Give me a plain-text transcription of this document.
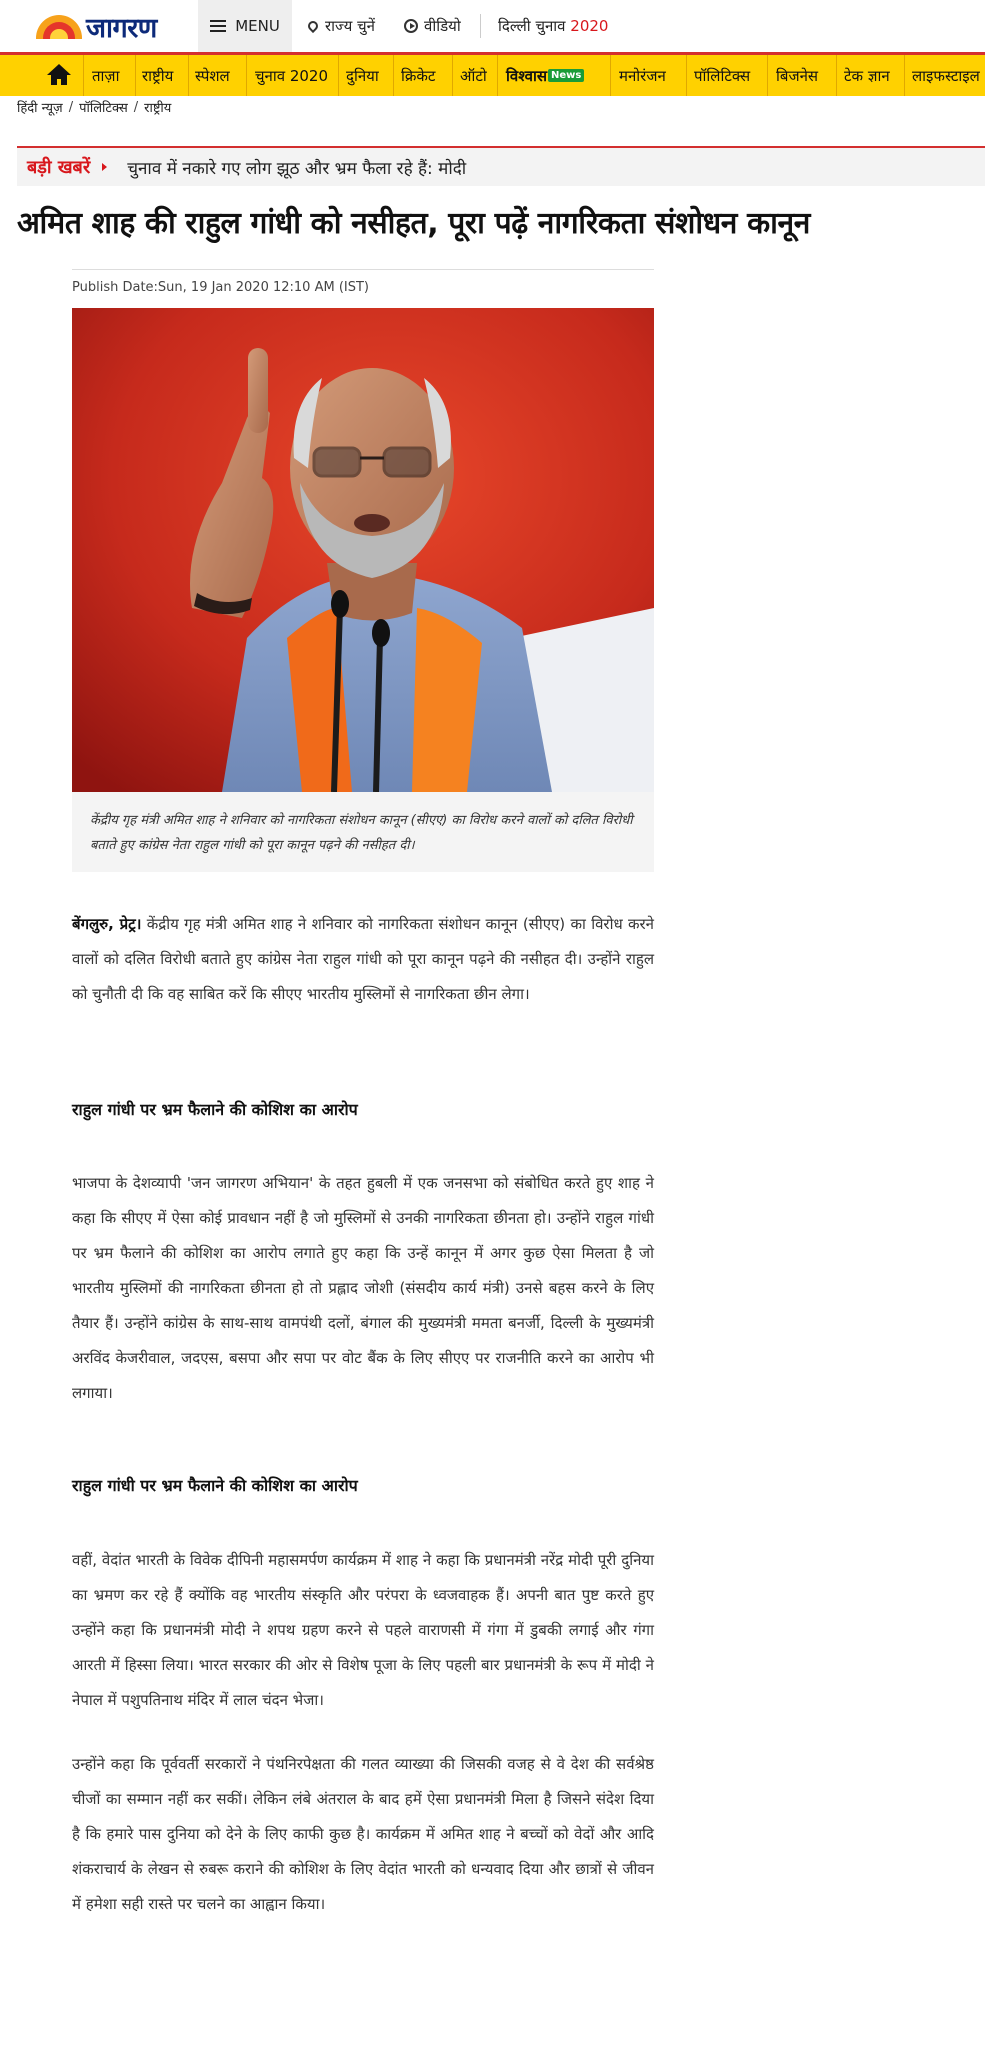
जागरण	MENU	राज्य चुनें	वीडियो दिल्ली चुनाव
2020
ताज़ा राष्ट्रीय स्पेशल चुनाव 2020 दुनिया क्रिकेट ऑटो विश्वास News	मनोरंजन पॉलिटिक्स बिजनेस टेक ज्ञान लाइफस्टाइल
हिंदी न्यूज़ / पॉलिटिक्स / राष्ट्रीय
बड़ी खबरें चुनाव में नकारे गए लोग झूठ और भ्रम फैला रहे हैं: मोदी
अमित शाह की राहुल गांधी को नसीहत, पूरा पढ़ें नागरिकता संशोधन कानून
Publish Date:Sun, 19 Jan 2020 12:10 AM (IST)
केंद्रीय गृह मंत्री अमित शाह ने शनिवार को नागरिकता संशोधन कानून (सीएए) का विरोध करने वालों को दलित विरोधी बताते हुए कांग्रेस नेता राहुल गांधी को पूरा कानून पढ़ने की नसीहत दी।

बेंगलुरु, प्रेट्र। केंद्रीय गृह मंत्री अमित शाह ने शनिवार को नागरिकता संशोधन कानून (सीएए) का विरोध करने वालों को दलित विरोधी बताते हुए कांग्रेस नेता राहुल गांधी को पूरा कानून पढ़ने की नसीहत दी। उन्होंने राहुल को चुनौती दी कि वह साबित करें कि सीएए भारतीय मुस्लिमों से नागरिकता छीन लेगा।

राहुल गांधी पर भ्रम फैलाने की कोशिश का आरोप

भाजपा के देशव्यापी 'जन जागरण अभियान' के तहत हुबली में एक जनसभा को संबोधित करते हुए शाह ने कहा कि सीएए में ऐसा कोई प्रावधान नहीं है जो मुस्लिमों से उनकी नागरिकता छीनता हो। उन्होंने राहुल गांधी पर भ्रम फैलाने की कोशिश का आरोप लगाते हुए कहा कि उन्हें कानून में अगर कुछ ऐसा मिलता है जो भारतीय मुस्लिमों की नागरिकता छीनता हो तो प्रह्लाद जोशी (संसदीय कार्य मंत्री) उनसे बहस करने के लिए तैयार हैं। उन्होंने कांग्रेस के साथ-साथ वामपंथी दलों, बंगाल की मुख्यमंत्री ममता बनर्जी, दिल्ली के मुख्यमंत्री अरविंद केजरीवाल, जदएस, बसपा और सपा पर वोट बैंक के लिए सीएए पर राजनीति करने का आरोप भी लगाया।

राहुल गांधी पर भ्रम फैलाने की कोशिश का आरोप

वहीं, वेदांत भारती के विवेक दीपिनी महासमर्पण कार्यक्रम में शाह ने कहा कि प्रधानमंत्री नरेंद्र मोदी पूरी दुनिया का भ्रमण कर रहे हैं क्योंकि वह भारतीय संस्कृति और परंपरा के ध्वजवाहक हैं। अपनी बात पुष्ट करते हुए उन्होंने कहा कि प्रधानमंत्री मोदी ने शपथ ग्रहण करने से पहले वाराणसी में गंगा में डुबकी लगाई और गंगा आरती में हिस्सा लिया। भारत सरकार की ओर से विशेष पूजा के लिए पहली बार प्रधानमंत्री के रूप में मोदी ने नेपाल में पशुपतिनाथ मंदिर में लाल चंदन भेजा।

उन्होंने कहा कि पूर्ववर्ती सरकारों ने पंथनिरपेक्षता की गलत व्याख्या की जिसकी वजह से वे देश की सर्वश्रेष्ठ चीजों का सम्मान नहीं कर सकीं। लेकिन लंबे अंतराल के बाद हमें ऐसा प्रधानमंत्री मिला है जिसने संदेश दिया है कि हमारे पास दुनिया को देने के लिए काफी कुछ है। कार्यक्रम में अमित शाह ने बच्चों को वेदों और आदि शंकराचार्य के लेखन से रुबरू कराने की कोशिश के लिए वेदांत भारती को धन्यवाद दिया और छात्रों से जीवन में हमेशा सही रास्ते पर चलने का आह्वान किया।
